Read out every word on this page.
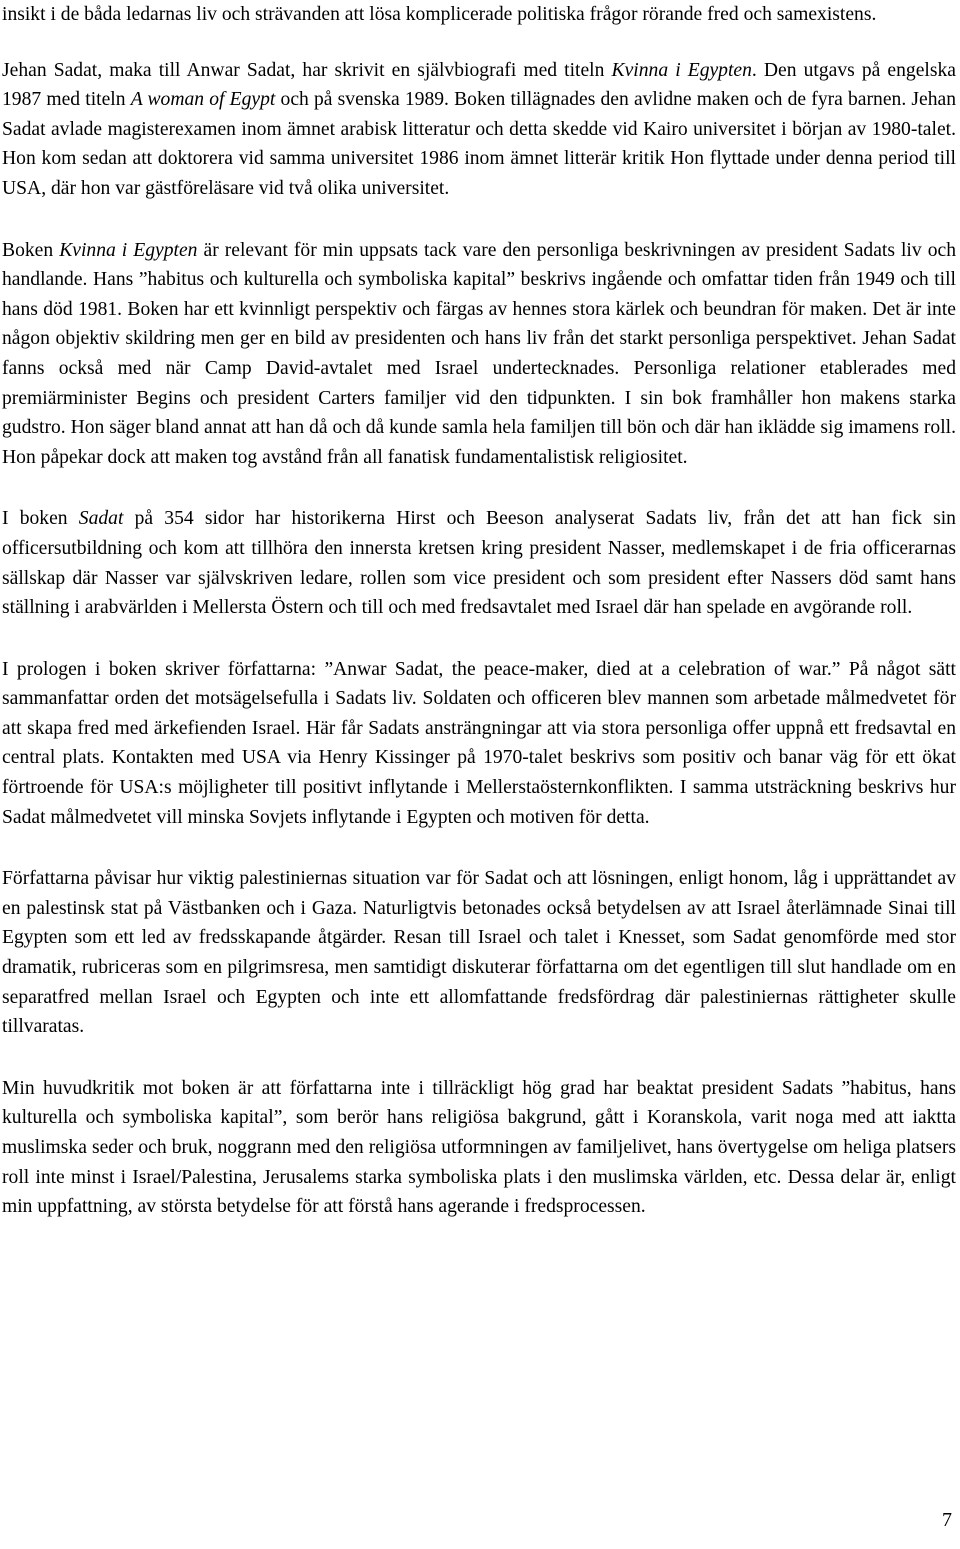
insikt i de båda ledarnas liv och strävanden att lösa komplicerade politiska frågor rörande fred och samexistens.

Jehan Sadat, maka till Anwar Sadat, har skrivit en självbiografi med titeln Kvinna i Egypten. Den utgavs på engelska 1987 med titeln A woman of Egypt och på svenska 1989. Boken tillägnades den avlidne maken och de fyra barnen. Jehan Sadat avlade magisterexamen inom ämnet arabisk litteratur och detta skedde vid Kairo universitet i början av 1980-talet. Hon kom sedan att doktorera vid samma universitet 1986 inom ämnet litterär kritik Hon flyttade under denna period till USA, där hon var gästföreläsare vid två olika universitet.

Boken Kvinna i Egypten är relevant för min uppsats tack vare den personliga beskrivningen av president Sadats liv och handlande. Hans ”habitus och kulturella och symboliska kapital” beskrivs ingående och omfattar tiden från 1949 och till hans död 1981. Boken har ett kvinnligt perspektiv och färgas av hennes stora kärlek och beundran för maken. Det är inte någon objektiv skildring men ger en bild av presidenten och hans liv från det starkt personliga perspektivet. Jehan Sadat fanns också med när Camp David-avtalet med Israel undertecknades. Personliga relationer etablerades med premiärminister Begins och president Carters familjer vid den tidpunkten. I sin bok framhåller hon makens starka gudstro. Hon säger bland annat att han då och då kunde samla hela familjen till bön och där han iklädde sig imamens roll. Hon påpekar dock att maken tog avstånd från all fanatisk fundamentalistisk religiositet.

I boken Sadat på 354 sidor har historikerna Hirst och Beeson analyserat Sadats liv, från det att han fick sin officersutbildning och kom att tillhöra den innersta kretsen kring president Nasser, medlemskapet i de fria officerarnas sällskap där Nasser var självskriven ledare, rollen som vice president och som president efter Nassers död samt hans ställning i arabvärlden i Mellersta Östern och till och med fredsavtalet med Israel där han spelade en avgörande roll.

I prologen i boken skriver författarna: ”Anwar Sadat, the peace-maker, died at a celebration of war.” På något sätt sammanfattar orden det motsägelsefulla i Sadats liv. Soldaten och officeren blev mannen som arbetade målmedvetet för att skapa fred med ärkefienden Israel. Här får Sadats ansträngningar att via stora personliga offer uppnå ett fredsavtal en central plats. Kontakten med USA via Henry Kissinger på 1970-talet beskrivs som positiv och banar väg för ett ökat förtroende för USA:s möjligheter till positivt inflytande i Mellerstaösternkonflikten. I samma utsträckning beskrivs hur Sadat målmedvetet vill minska Sovjets inflytande i Egypten och motiven för detta.

Författarna påvisar hur viktig palestiniernas situation var för Sadat och att lösningen, enligt honom, låg i upprättandet av en palestinsk stat på Västbanken och i Gaza. Naturligtvis betonades också betydelsen av att Israel återlämnade Sinai till Egypten som ett led av fredsskapande åtgärder. Resan till Israel och talet i Knesset, som Sadat genomförde med stor dramatik, rubriceras som en pilgrimsresa, men samtidigt diskuterar författarna om det egentligen till slut handlade om en separatfred mellan Israel och Egypten och inte ett allomfattande fredsfördrag där palestiniernas rättigheter skulle tillvaratas.

Min huvudkritik mot boken är att författarna inte i tillräckligt hög grad har beaktat president Sadats ”habitus, hans kulturella och symboliska kapital”, som berör hans religiösa bakgrund, gått i Koranskola, varit noga med att iaktta muslimska seder och bruk, noggrann med den religiösa utformningen av familjelivet, hans övertygelse om heliga platsers roll inte minst i Israel/Palestina, Jerusalems starka symboliska plats i den muslimska världen, etc. Dessa delar är, enligt min uppfattning, av största betydelse för att förstå hans agerande i fredsprocessen.

7
